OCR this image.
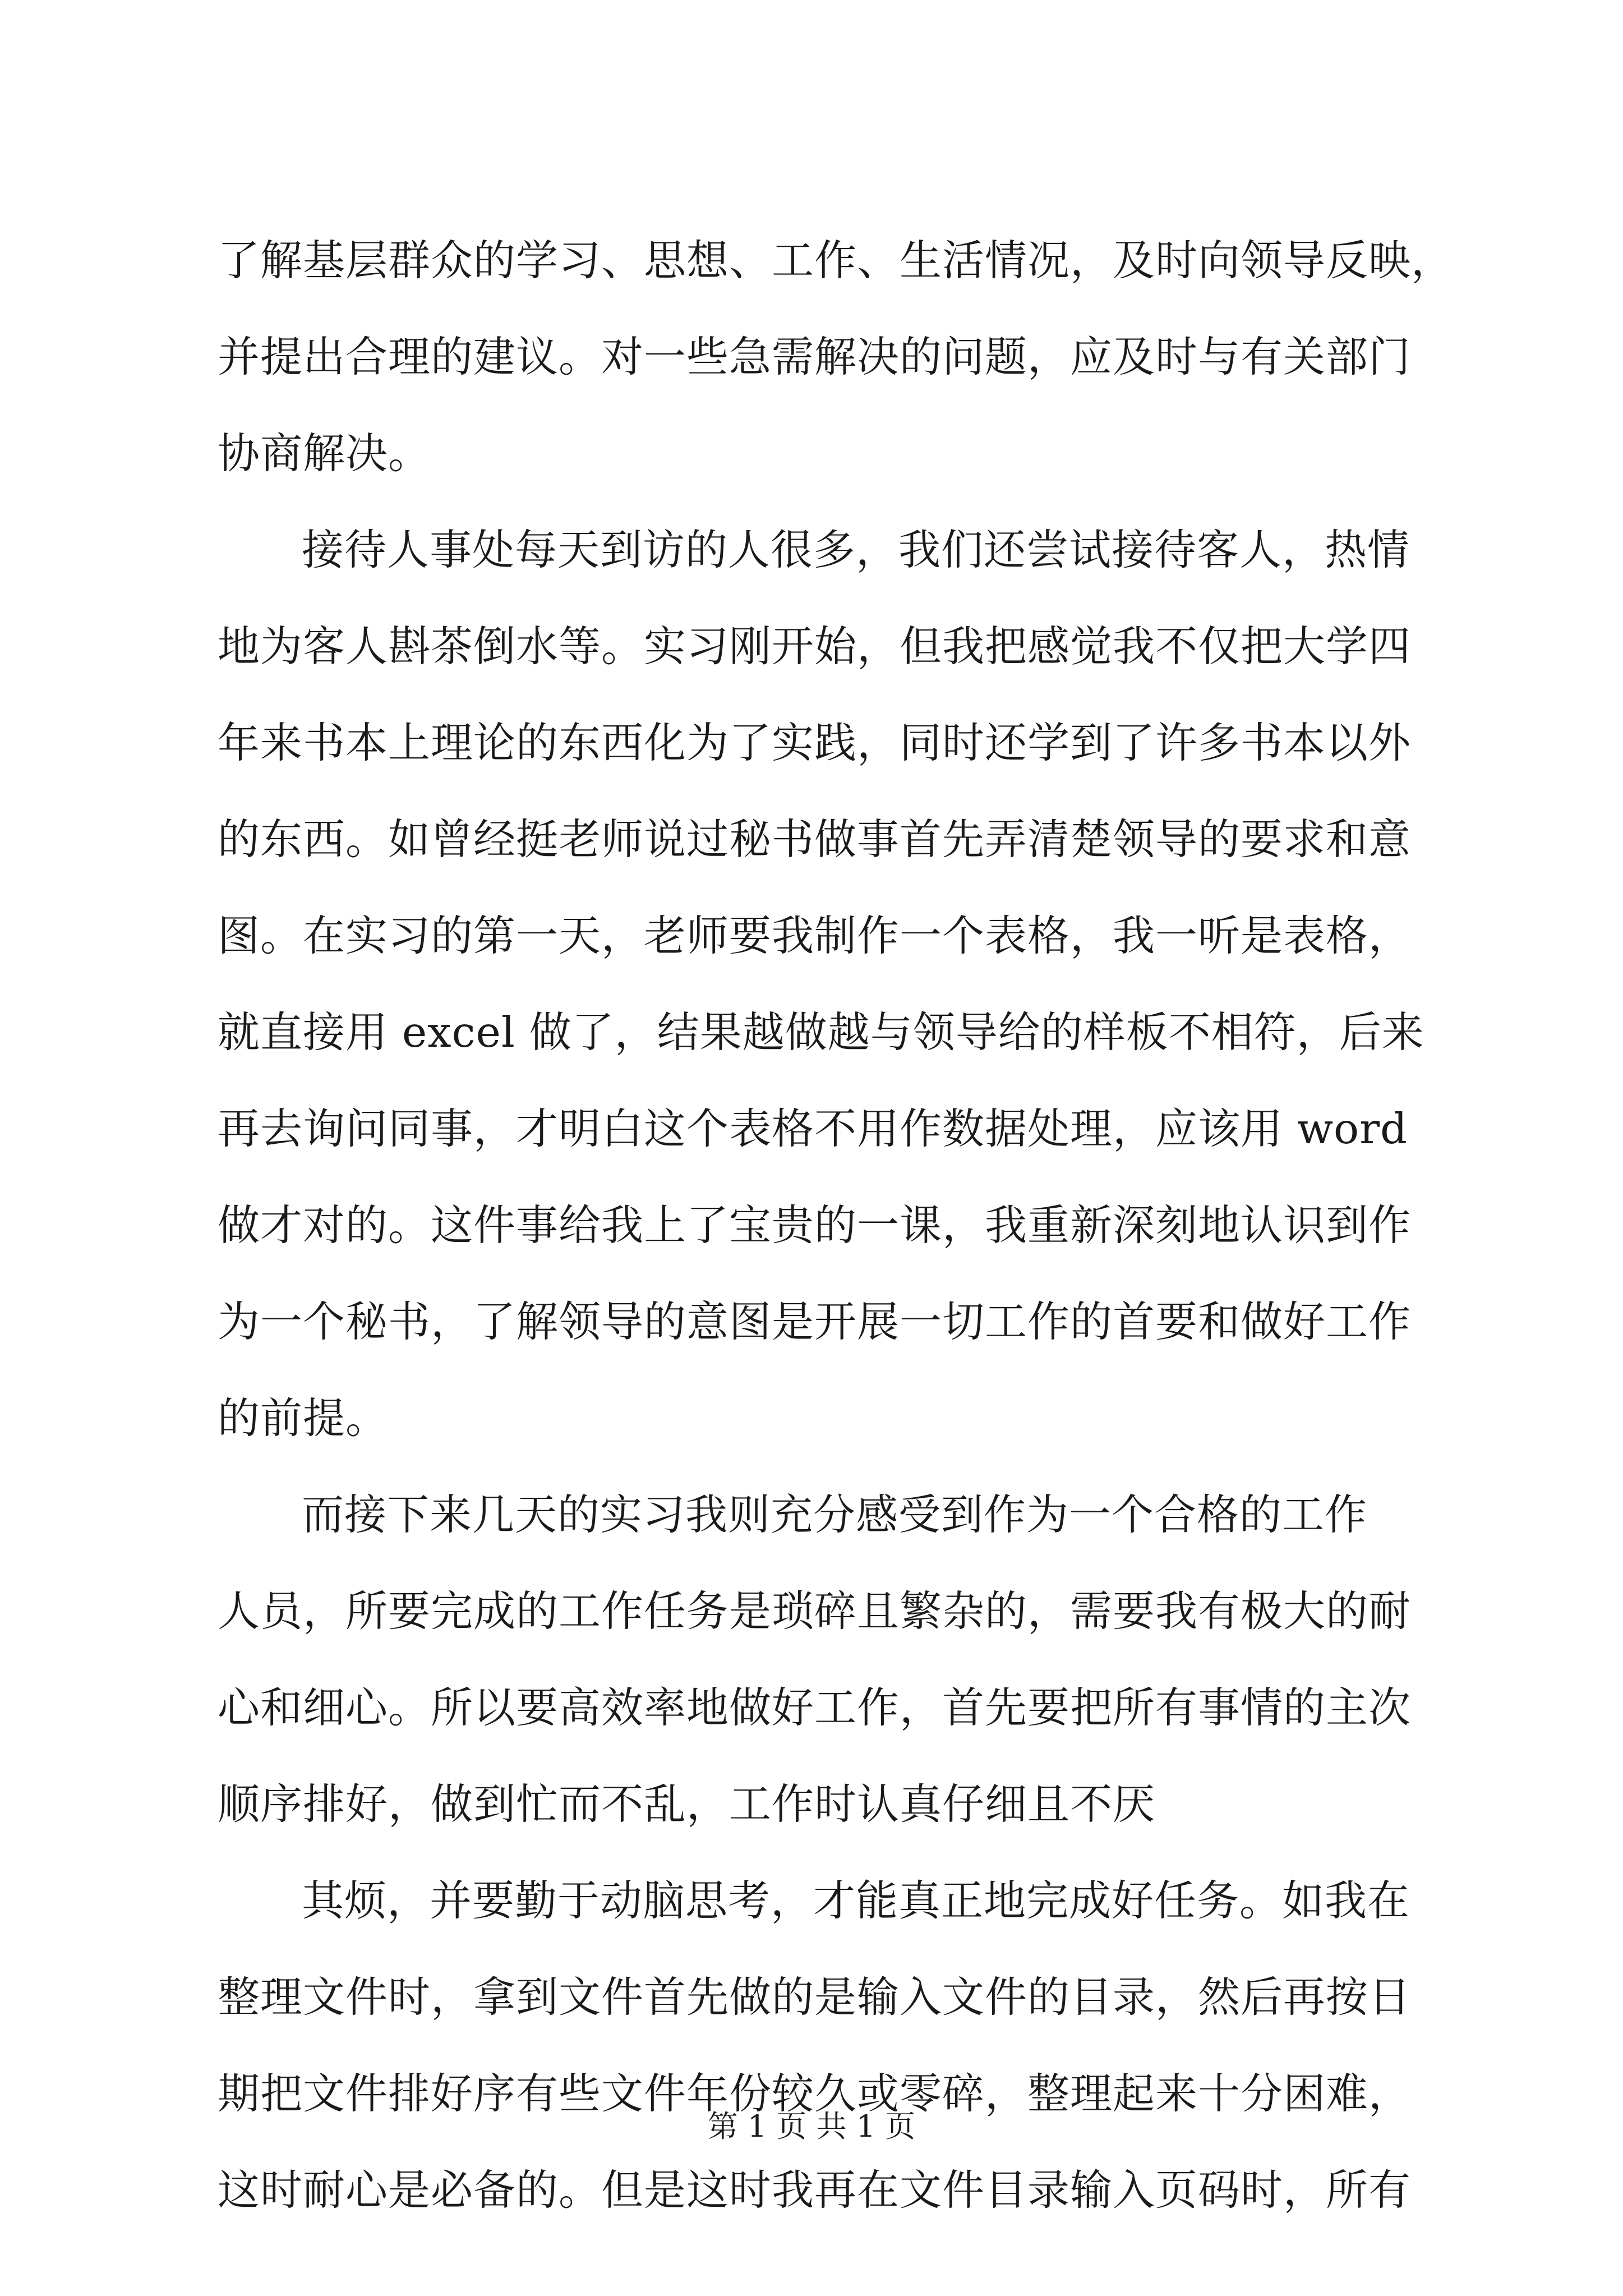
了解基层群众的学习、思想、工作、生活情况，及时向领导反映，
并提出合理的建议。对一些急需解决的问题，应及时与有关部门
协商解决。
接待人事处每天到访的人很多，我们还尝试接待客人，热情
地为客人斟茶倒水等。实习刚开始，但我把感觉我不仅把大学四
年来书本上理论的东西化为了实践，同时还学到了许多书本以外
的东西。如曾经挺老师说过秘书做事首先弄清楚领导的要求和意
图。在实习的第一天，老师要我制作一个表格，我一听是表格，
就直接用 excel 做了，结果越做越与领导给的样板不相符，后来
再去询问同事，才明白这个表格不用作数据处理，应该用 word
做才对的。这件事给我上了宝贵的一课，我重新深刻地认识到作
为一个秘书，了解领导的意图是开展一切工作的首要和做好工作
的前提。
而接下来几天的实习我则充分感受到作为一个合格的工作
人员，所要完成的工作任务是琐碎且繁杂的，需要我有极大的耐
心和细心。所以要高效率地做好工作，首先要把所有事情的主次
顺序排好，做到忙而不乱，工作时认真仔细且不厌
其烦，并要勤于动脑思考，才能真正地完成好任务。如我在
整理文件时，拿到文件首先做的是输入文件的目录，然后再按日
期把文件排好序有些文件年份较久或零碎，整理起来十分困难，
这时耐心是必备的。但是这时我再在文件目录输入页码时，所有
第 1 页 共 1 页
